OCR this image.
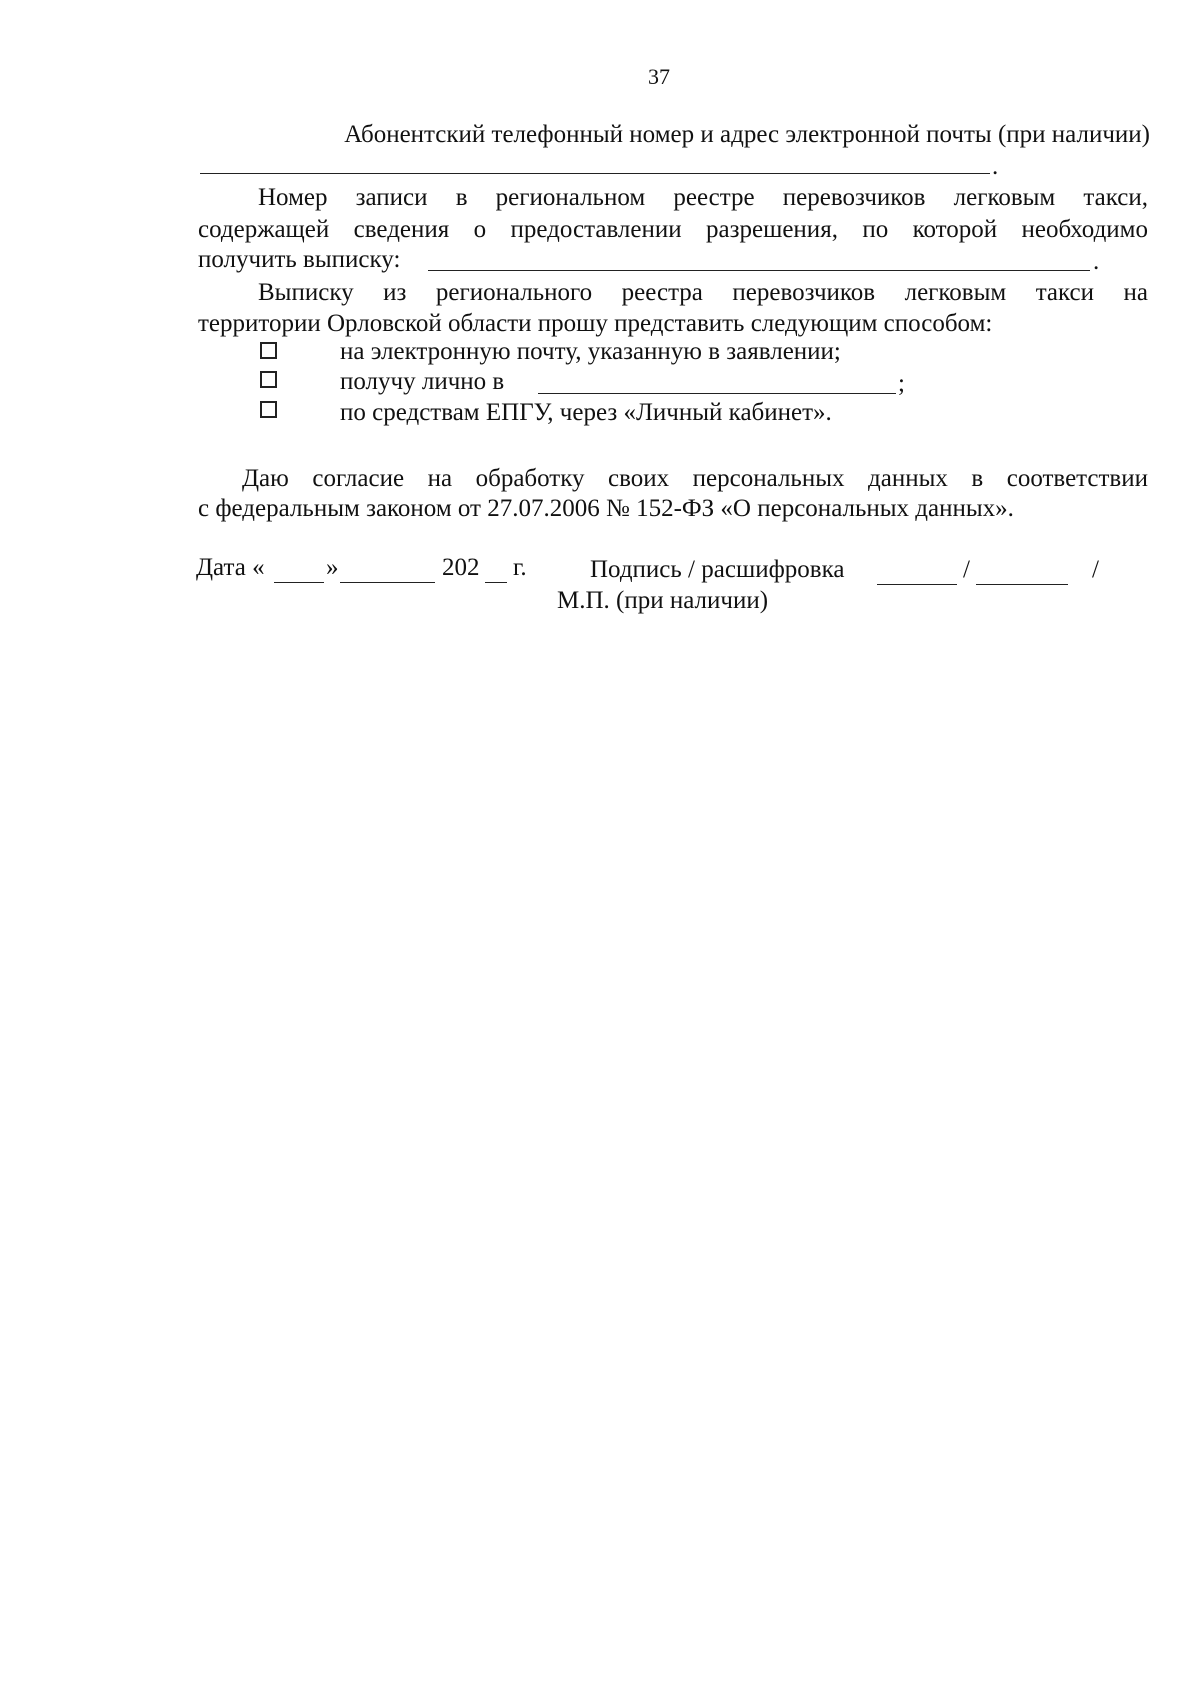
37
Абонентский телефонный номер и адрес электронной почты (при наличии)
.
Номер записи в региональном реестре перевозчиков легковым такси,
содержащей сведения о предоставлении разрешения, по которой необходимо
получить выписку:	.
Выписку из регионального реестра перевозчиков легковым такси на
территории Орловской области прошу представить следующим способом:
на электронную почту, указанную в заявлении;
получу лично в	;
по средствам ЕПГУ, через «Личный кабинет».
Даю согласие на обработку своих персональных данных в соответствии
с федеральным законом от 27.07.2006 № 152-ФЗ «О персональных данных».
Дата « »	202 г.	Подпись / расшифровка	/	/
М.П. (при наличии)
